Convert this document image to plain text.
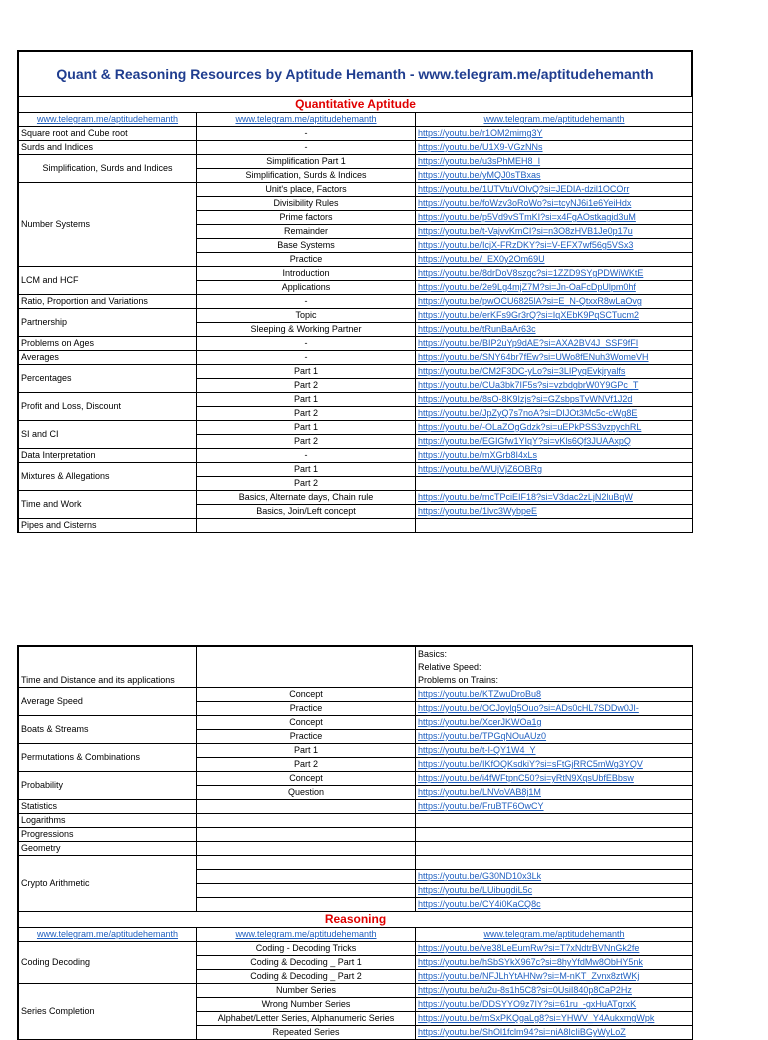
Quant & Reasoning Resources by Aptitude Hemanth - www.telegram.me/aptitudehemanth
Quantitative Aptitude		
www.telegram.me/aptitudehemanth	www.telegram.me/aptitudehemanth	www.telegram.me/aptitudehemanth
Square root and Cube root	-	https://youtu.be/r1OM2mimg3Y
Surds and Indices	-	https://youtu.be/U1X9-VGzNNs
Simplification, Surds and Indices	Simplification Part 1	https://youtu.be/u3sPhMEH8_I
	Simplification, Surds & Indices	https://youtu.be/yMQJ0sTBxas
Number Systems	Unit's place, Factors	https://youtu.be/1UTVtuVOlvQ?si=JEDIA-dzil1OCOrr
	Divisibility Rules	https://youtu.be/foWzv3oRoWo?si=tcyNJ6i1e6YeiHdx
	Prime factors	https://youtu.be/p5Vd9vSTmKI?si=x4FgAOstkagid3uM
	Remainder	https://youtu.be/t-VajvvKmCI?si=n3O8zHVB1Je0p17u
	Base Systems	https://youtu.be/IcjX-FRzDKY?si=V-EFX7wf56g5VSx3
	Practice	https://youtu.be/_EX0y2Om69U
LCM and HCF	Introduction	https://youtu.be/8drDoV8szgc?si=1ZZD9SYgPDWiWKtE
	Applications	https://youtu.be/2e9Lg4mjZ7M?si=Jn-OaFcDpUlpm0hf
Ratio, Proportion and Variations	-	https://youtu.be/pwOCU6825lA?si=E_N-QtxxR8wLaOvg
Partnership	Topic	https://youtu.be/erKFs9Gr3rQ?si=IqXEbK9PqSCTucm2
	Sleeping & Working Partner	https://youtu.be/tRunBaAr63c
Problems on Ages	-	https://youtu.be/BIP2uYp9dAE?si=AXA2BV4J_SSF9fFI
Averages	-	https://youtu.be/SNY64br7fEw?si=UWo8fENuh3WomeVH
Percentages	Part 1	https://youtu.be/CM2F3DC-yLo?si=3LIPyqEvkjryalfs
	Part 2	https://youtu.be/CUa3bk7IF5s?si=vzbdgbrW0Y9GPc_T
Profit and Loss, Discount	Part 1	https://youtu.be/8sO-8K9Izjs?si=GZsbpsTvWNVf1J2d
	Part 2	https://youtu.be/JpZyQ7s7noA?si=DIJOt3Mc5c-cWg8E
SI and CI	Part 1	https://youtu.be/-OLaZOgGdzk?si=uEPkPSS3vzpychRL
	Part 2	https://youtu.be/EGIGfw1YIqY?si=vKls6Qf3JUAAxpQ
Data Interpretation	-	https://youtu.be/mXGrb8I4xLs
Mixtures & Allegations	Part 1	https://youtu.be/WUjVjZ6OBRg
	Part 2	
Time and Work	Basics, Alternate days, Chain rule	https://youtu.be/mcTPciEIF18?si=V3dac2zLjN2luBqW
	Basics, Join/Left concept	https://youtu.be/1lvc3WybpeE
Pipes and Cisterns		
Time and Distance and its applications		Basics:
Relative Speed:
Problems on Trains:

Average Speed	Concept	https://youtu.be/KTZwuDroBu8
	Practice	https://youtu.be/OCJoylq5Ouo?si=ADs0cHL7SDDw0JI-
Boats & Streams	Concept	https://youtu.be/XcerJKWOa1g
	Practice	https://youtu.be/TPGqNOuAUz0
Permutations & Combinations	Part 1	https://youtu.be/t-I-QY1W4_Y
	Part 2	https://youtu.be/IKfOQKsdkiY?si=sFtGjRRC5mWg3YQV
Probability	Concept	https://youtu.be/i4fWFtpnC50?si=yRtN9XqsUbfEBbsw
	Question	https://youtu.be/LNVoVAB8j1M
Statistics		https://youtu.be/FruBTF6OwCY
Logarithms		
Progressions		
Geometry		
Crypto Arithmetic		
		https://youtu.be/G30ND10x3Lk
		https://youtu.be/LUibugdiL5c
		https://youtu.be/CY4i0KaCQ8c
Reasoning		
www.telegram.me/aptitudehemanth	www.telegram.me/aptitudehemanth	www.telegram.me/aptitudehemanth
Coding Decoding	Coding - Decoding Tricks	https://youtu.be/ve38LeEumRw?si=T7xNdtrBVNnGk2fe
	Coding & Decoding _ Part 1	https://youtu.be/hSbSYkX967c?si=8hyYfdMw8ObHY5nk
	Coding & Decoding _ Part 2	https://youtu.be/NFJLhYtAHNw?si=M-nKT_Zvnx8ztWKj
Series Completion	Number Series	https://youtu.be/u2u-8s1h5C8?si=0UsiI840p8CaP2Hz
	Wrong Number Series	https://youtu.be/DDSYYO9z7IY?si=61ru_-gxHuATgrxK
	Alphabet/Letter Series, Alphanumeric Series	https://youtu.be/mSxPKQgaLg8?si=YHWV_Y4AukxmgWpk
	Repeated Series	https://youtu.be/ShOl1fclm94?si=niA8IcIiBGyWyLoZ
